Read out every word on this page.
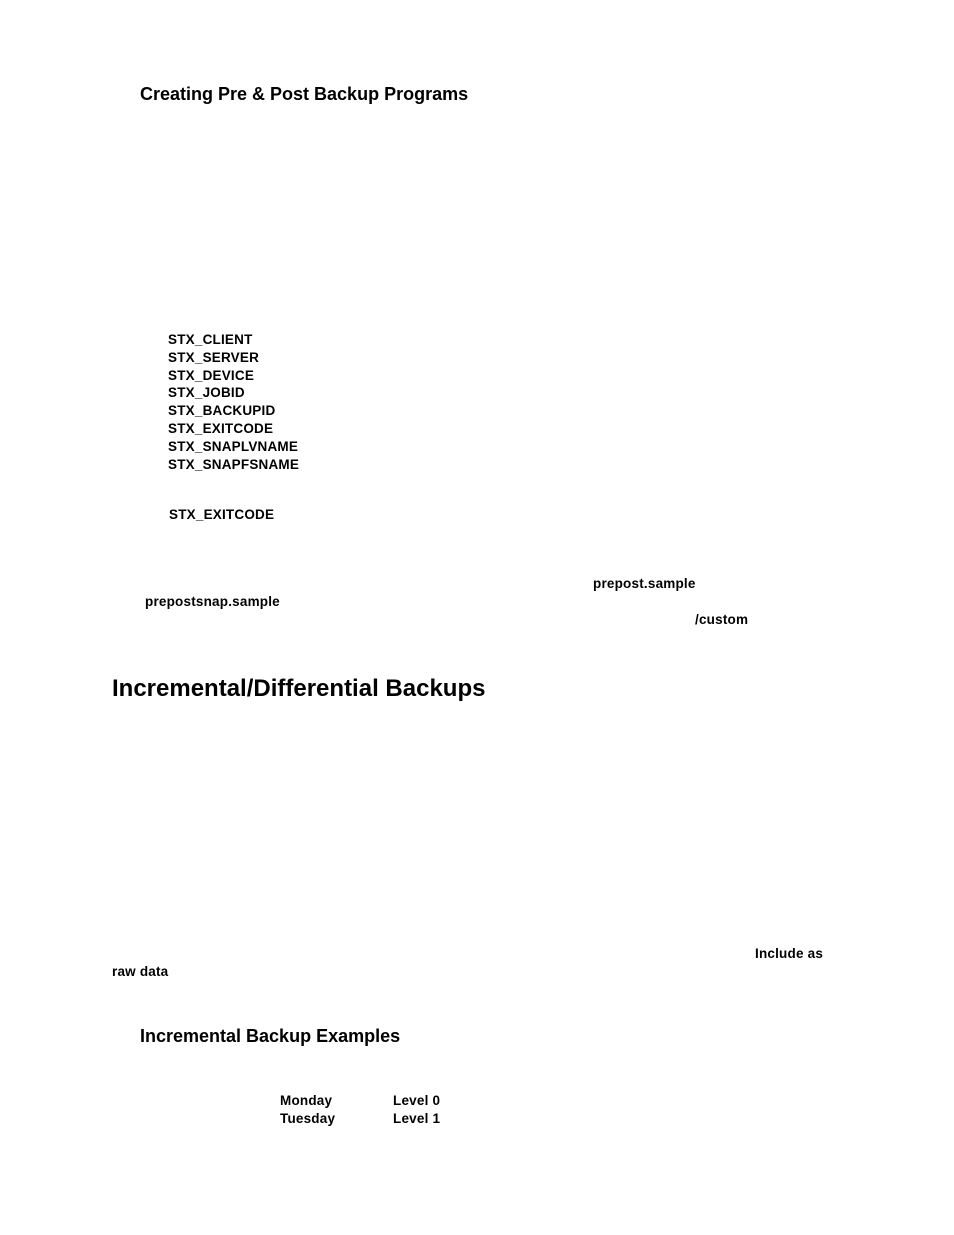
Creating Pre & Post Backup Programs
STX_CLIENT
STX_SERVER
STX_DEVICE
STX_JOBID
STX_BACKUPID
STX_EXITCODE
STX_SNAPLVNAME
STX_SNAPFSNAME
STX_EXITCODE
prepost.sample
prepostsnap.sample
/custom
Incremental/Differential Backups
Include as
raw data
Incremental Backup Examples
Monday	Level 0
Tuesday	Level 1
